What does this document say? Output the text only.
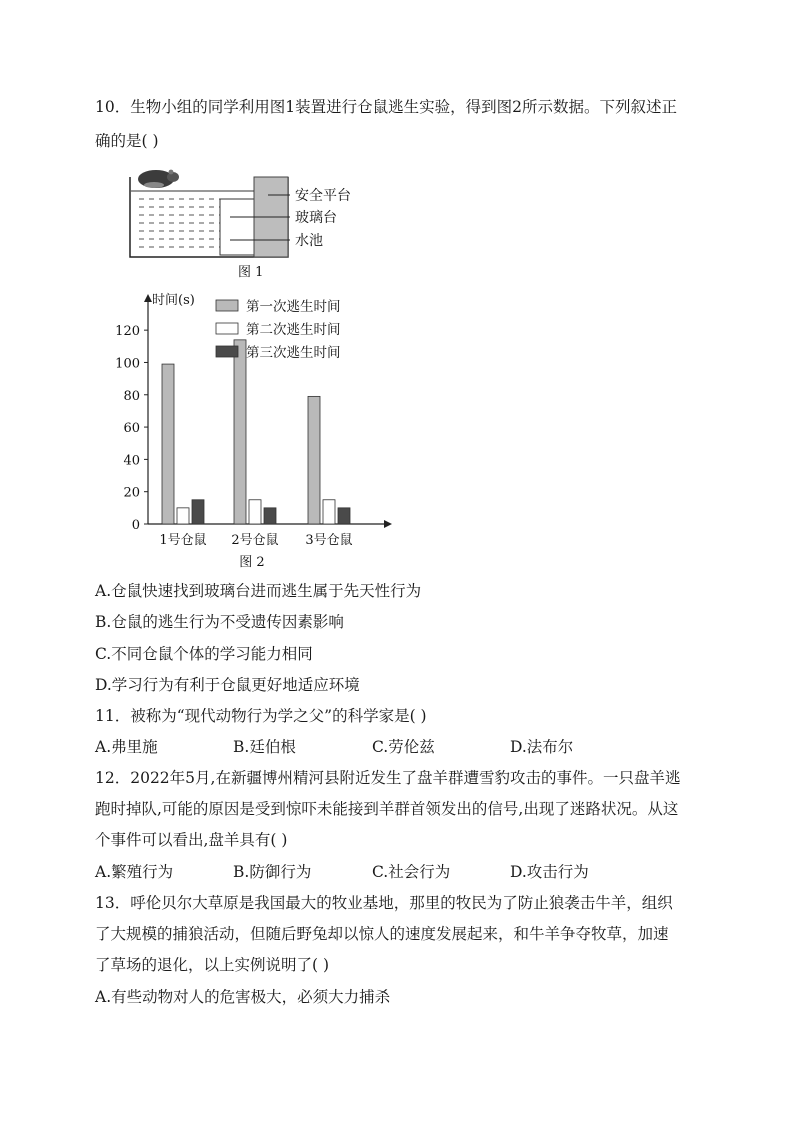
10．生物小组的同学利用图1装置进行仓鼠逃生实验，得到图2所示数据。下列叙述正
确的是( )
安全平台
玻璃台
水池
图 1
时间(s)
0
20
40
60
80
100
120
1号仓鼠 2号仓鼠 3号仓鼠
第一次逃生时间
第二次逃生时间
第三次逃生时间
图 2
A.仓鼠快速找到玻璃台进而逃生属于先天性行为
B.仓鼠的逃生行为不受遗传因素影响
C.不同仓鼠个体的学习能力相同
D.学习行为有利于仓鼠更好地适应环境
11．被称为“现代动物行为学之父”的科学家是( )
A.弗里施	B.廷伯根	C.劳伦兹	D.法布尔
12．2022年5月,在新疆博州精河县附近发生了盘羊群遭雪豹攻击的事件。一只盘羊逃
跑时掉队,可能的原因是受到惊吓未能接到羊群首领发出的信号,出现了迷路状况。从这
个事件可以看出,盘羊具有( )
A.繁殖行为	B.防御行为	C.社会行为	D.攻击行为
13．呼伦贝尔大草原是我国最大的牧业基地，那里的牧民为了防止狼袭击牛羊，组织
了大规模的捕狼活动，但随后野兔却以惊人的速度发展起来，和牛羊争夺牧草，加速
了草场的退化，以上实例说明了( )
A.有些动物对人的危害极大，必须大力捕杀
